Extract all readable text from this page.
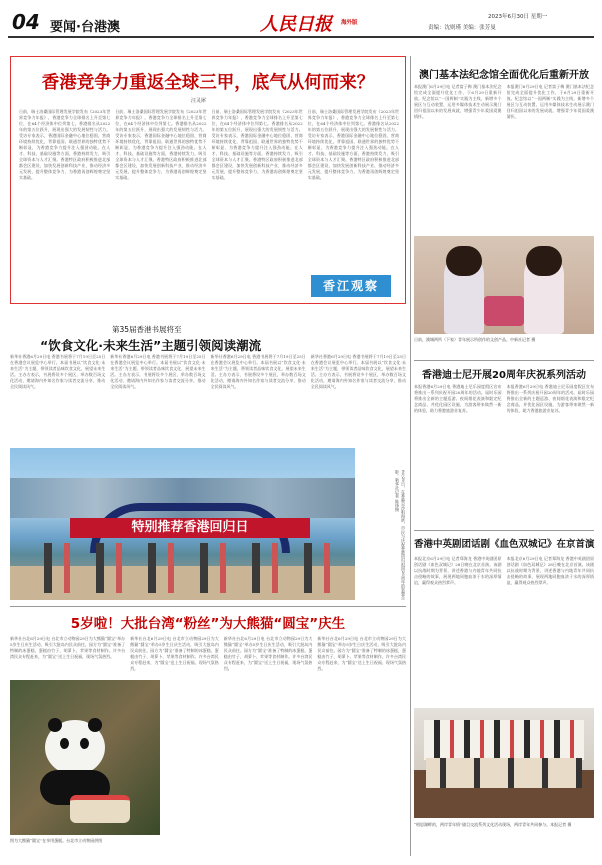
04 要闻·台港澳	人民日报 海外版
2023年6月30日 星期一
责编：沈则瑾 美编：张芳曼
香港竞争力重返全球三甲，底气从何而来？
汪灵犀
日前，瑞士洛桑国际管理发展学院发布《2023年世界竞争力年报》，香港竞争力全球排名上升至第七位，在64个经济体中位列第七。香港排名从2022年的第五位跃升，展现出强大的发展韧性与活力。受访专家表示，香港国际金融中心地位稳固，营商环境持续优化，背靠祖国、联通世界的独特优势不断彰显，为香港竞争力提升注入强劲动能。在人才、科技、基础设施等方面，香港持续发力，吸引全球资本与人才汇聚。香港特区政府积极推进北部都会区建设，加快发展创新科技产业，推动经济多元发展，提升整体竞争力，为香港再创辉煌奠定坚实基础。
日前，瑞士洛桑国际管理发展学院发布《2023年世界竞争力年报》，香港竞争力全球排名上升至第七位，在64个经济体中位列第七。香港排名从2022年的第五位跃升，展现出强大的发展韧性与活力。受访专家表示，香港国际金融中心地位稳固，营商环境持续优化，背靠祖国、联通世界的独特优势不断彰显，为香港竞争力提升注入强劲动能。在人才、科技、基础设施等方面，香港持续发力，吸引全球资本与人才汇聚。香港特区政府积极推进北部都会区建设，加快发展创新科技产业，推动经济多元发展，提升整体竞争力，为香港再创辉煌奠定坚实基础。
日前，瑞士洛桑国际管理发展学院发布《2023年世界竞争力年报》，香港竞争力全球排名上升至第七位，在64个经济体中位列第七。香港排名从2022年的第五位跃升，展现出强大的发展韧性与活力。受访专家表示，香港国际金融中心地位稳固，营商环境持续优化，背靠祖国、联通世界的独特优势不断彰显，为香港竞争力提升注入强劲动能。在人才、科技、基础设施等方面，香港持续发力，吸引全球资本与人才汇聚。香港特区政府积极推进北部都会区建设，加快发展创新科技产业，推动经济多元发展，提升整体竞争力，为香港再创辉煌奠定坚实基础。
日前，瑞士洛桑国际管理发展学院发布《2023年世界竞争力年报》，香港竞争力全球排名上升至第七位，在64个经济体中位列第七。香港排名从2022年的第五位跃升，展现出强大的发展韧性与活力。受访专家表示，香港国际金融中心地位稳固，营商环境持续优化，背靠祖国、联通世界的独特优势不断彰显，为香港竞争力提升注入强劲动能。在人才、科技、基础设施等方面，香港持续发力，吸引全球资本与人才汇聚。香港特区政府积极推进北部都会区建设，加快发展创新科技产业，推动经济多元发展，提升整体竞争力，为香港再创辉煌奠定坚实基础。
香江观察
第35届香港书展将至
“饮食文化·未来生活”主题引领阅读潮流
新华社香港6月29日电 香港书展将于7月19日至25日在香港会议展览中心举行。本届书展以“饮食文化·未来生活”为主题，带领读者品味饮食文化，展望未来生活。主办方表示，书展将设多个展区，举办数百场文化活动，邀请海内外知名作家与读者交流分享，推动全民阅读风气。
新华社香港6月29日电 香港书展将于7月19日至25日在香港会议展览中心举行。本届书展以“饮食文化·未来生活”为主题，带领读者品味饮食文化，展望未来生活。主办方表示，书展将设多个展区，举办数百场文化活动，邀请海内外知名作家与读者交流分享，推动全民阅读风气。
新华社香港6月29日电 香港书展将于7月19日至25日在香港会议展览中心举行。本届书展以“饮食文化·未来生活”为主题，带领读者品味饮食文化，展望未来生活。主办方表示，书展将设多个展区，举办数百场文化活动，邀请海内外知名作家与读者交流分享，推动全民阅读风气。
新华社香港6月29日电 香港书展将于7月19日至25日在香港会议展览中心举行。本届书展以“饮食文化·未来生活”为主题，带领读者品味饮食文化，展望未来生活。主办方表示，书展将设多个展区，举办数百场文化活动，邀请海内外知名作家与读者交流分享，推动全民阅读风气。
特别推荐香港回归日	6月29日，在香港尖沙咀海滨，市民与庆祝香港回归祖国26周年的装置合影。新华社记者 陈铎摄
5岁啦！大批台湾“粉丝”为大熊猫“圆宝”庆生
新华社台北6月29日电 台北市立动物园29日为大熊猫“圆宝”举办5岁生日庆生活动，吸引大批岛内民众前往。园方为“圆宝”准备了特制的冰蛋糕，蛋糕由竹子、胡萝卜、苹果等食材制作。许多台湾民众专程赶来，为“圆宝”送上生日祝福，现场气氛热烈。
新华社台北6月29日电 台北市立动物园29日为大熊猫“圆宝”举办5岁生日庆生活动，吸引大批岛内民众前往。园方为“圆宝”准备了特制的冰蛋糕，蛋糕由竹子、胡萝卜、苹果等食材制作。许多台湾民众专程赶来，为“圆宝”送上生日祝福，现场气氛热烈。
新华社台北6月29日电 台北市立动物园29日为大熊猫“圆宝”举办5岁生日庆生活动，吸引大批岛内民众前往。园方为“圆宝”准备了特制的冰蛋糕，蛋糕由竹子、胡萝卜、苹果等食材制作。许多台湾民众专程赶来，为“圆宝”送上生日祝福，现场气氛热烈。
新华社台北6月29日电 台北市立动物园29日为大熊猫“圆宝”举办5岁生日庆生活动，吸引大批岛内民众前往。园方为“圆宝”准备了特制的冰蛋糕，蛋糕由竹子、胡萝卜、苹果等食材制作。许多台湾民众专程赶来，为“圆宝”送上生日祝福，现场气氛热烈。
图为大熊猫“圆宝”在享用蛋糕。台北市立动物园供图
澳门基本法纪念馆全面优化后重新开放
本报澳门6月29日电 记者富子梅 澳门基本法纪念馆完成全面提升优化工作，于6月29日重新开放。纪念馆以“一国两制”实践为主线，新增多个展区与互动装置，运用多媒体技术生动展示澳门回归祖国以来的发展成就，增强青少年爱国爱澳情怀。
本报澳门6月29日电 记者富子梅 澳门基本法纪念馆完成全面提升优化工作，于6月29日重新开放。纪念馆以“一国两制”实践为主线，新增多个展区与互动装置，运用多媒体技术生动展示澳门回归祖国以来的发展成就，增强青少年爱国爱澳情怀。
日前，澳城两所（下家）青年展示所创作的文创产品。中新社记者 摄
香港迪士尼开展20周年庆祝系列活动
本报香港6月29日电 香港迪士尼乐园度假区宣布将推出一系列庆祝开园20周年的活动。届时乐园将推出全新的主题巡游、夜间烟花表演和限定纪念商品，并优化园区设施，为游客带来焕然一新的体验，助力香港旅游业复苏。
本报香港6月29日电 香港迪士尼乐园度假区宣布将推出一系列庆祝开园20周年的活动。届时乐园将推出全新的主题巡游、夜间烟花表演和限定纪念商品，并优化园区设施，为游客带来焕然一新的体验，助力香港旅游业复苏。
香港中英剧团话剧《血色双城记》在京首演
本报北京6月29日电 记者郑海龙 香港中英剧团原创话剧《血色双城记》28日晚在北京首演。该剧以抗战时期为背景，讲述香港与内地青年共同抗击侵略的故事，展现两地同胞血浓于水的深厚情谊，赢得观众热烈掌声。
本报北京6月29日电 记者郑海龙 香港中英剧团原创话剧《血色双城记》28日晚在北京首演。该剧以抗战时期为背景，讲述香港与内地青年共同抗击侵略的故事，展现两地同胞血浓于水的深厚情谊，赢得观众热烈掌声。
“相思湖畔的，两岸青年情”剧目交流系列文化活动现场，两岸青年共同参与。本报记者 摄
